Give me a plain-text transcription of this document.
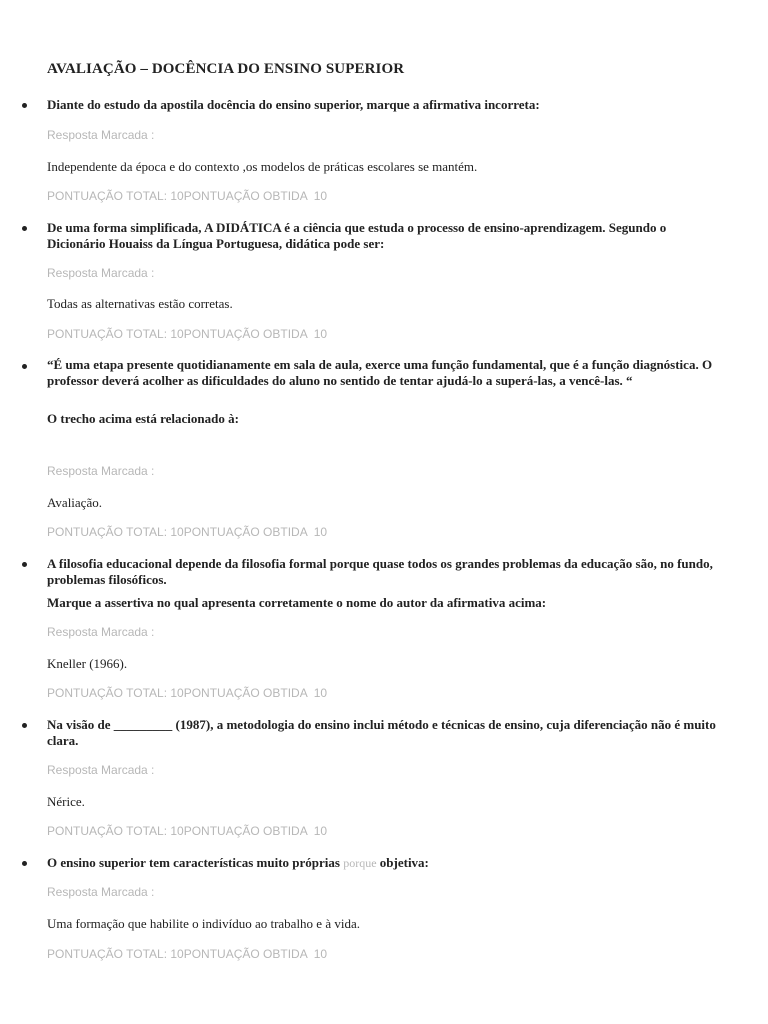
AVALIAÇÃO – DOCÊNCIA DO ENSINO SUPERIOR
Diante do estudo da apostila docência do ensino superior, marque a afirmativa incorreta:
Resposta Marcada :
Independente da época e do contexto ,os modelos de práticas escolares se mantém.
PONTUAÇÃO TOTAL: 10PONTUAÇÃO OBTIDA  10
De uma forma simplificada, A DIDÁTICA é a ciência que estuda o processo de ensino-aprendizagem. Segundo o Dicionário Houaiss da Língua Portuguesa, didática pode ser:
Resposta Marcada :
Todas as alternativas estão corretas.
PONTUAÇÃO TOTAL: 10PONTUAÇÃO OBTIDA  10
“É uma etapa presente quotidianamente em sala de aula, exerce uma função fundamental, que é a função diagnóstica. O professor deverá acolher as dificuldades do aluno no sentido de tentar ajudá-lo a superá-las, a vencê-las. “
O trecho acima está relacionado à:
Resposta Marcada :
Avaliação.
PONTUAÇÃO TOTAL: 10PONTUAÇÃO OBTIDA  10
A filosofia educacional depende da filosofia formal porque quase todos os grandes problemas da educação são, no fundo, problemas filosóficos.
Marque a assertiva no qual apresenta corretamente o nome do autor da afirmativa acima:
Resposta Marcada :
Kneller (1966).
PONTUAÇÃO TOTAL: 10PONTUAÇÃO OBTIDA  10
Na visão de _________ (1987), a metodologia do ensino inclui método e técnicas de ensino, cuja diferenciação não é muito clara.
Resposta Marcada :
Nérice.
PONTUAÇÃO TOTAL: 10PONTUAÇÃO OBTIDA  10
O ensino superior tem características muito próprias porque objetiva:
Resposta Marcada :
Uma formação que habilite o indivíduo ao trabalho e à vida.
PONTUAÇÃO TOTAL: 10PONTUAÇÃO OBTIDA  10
